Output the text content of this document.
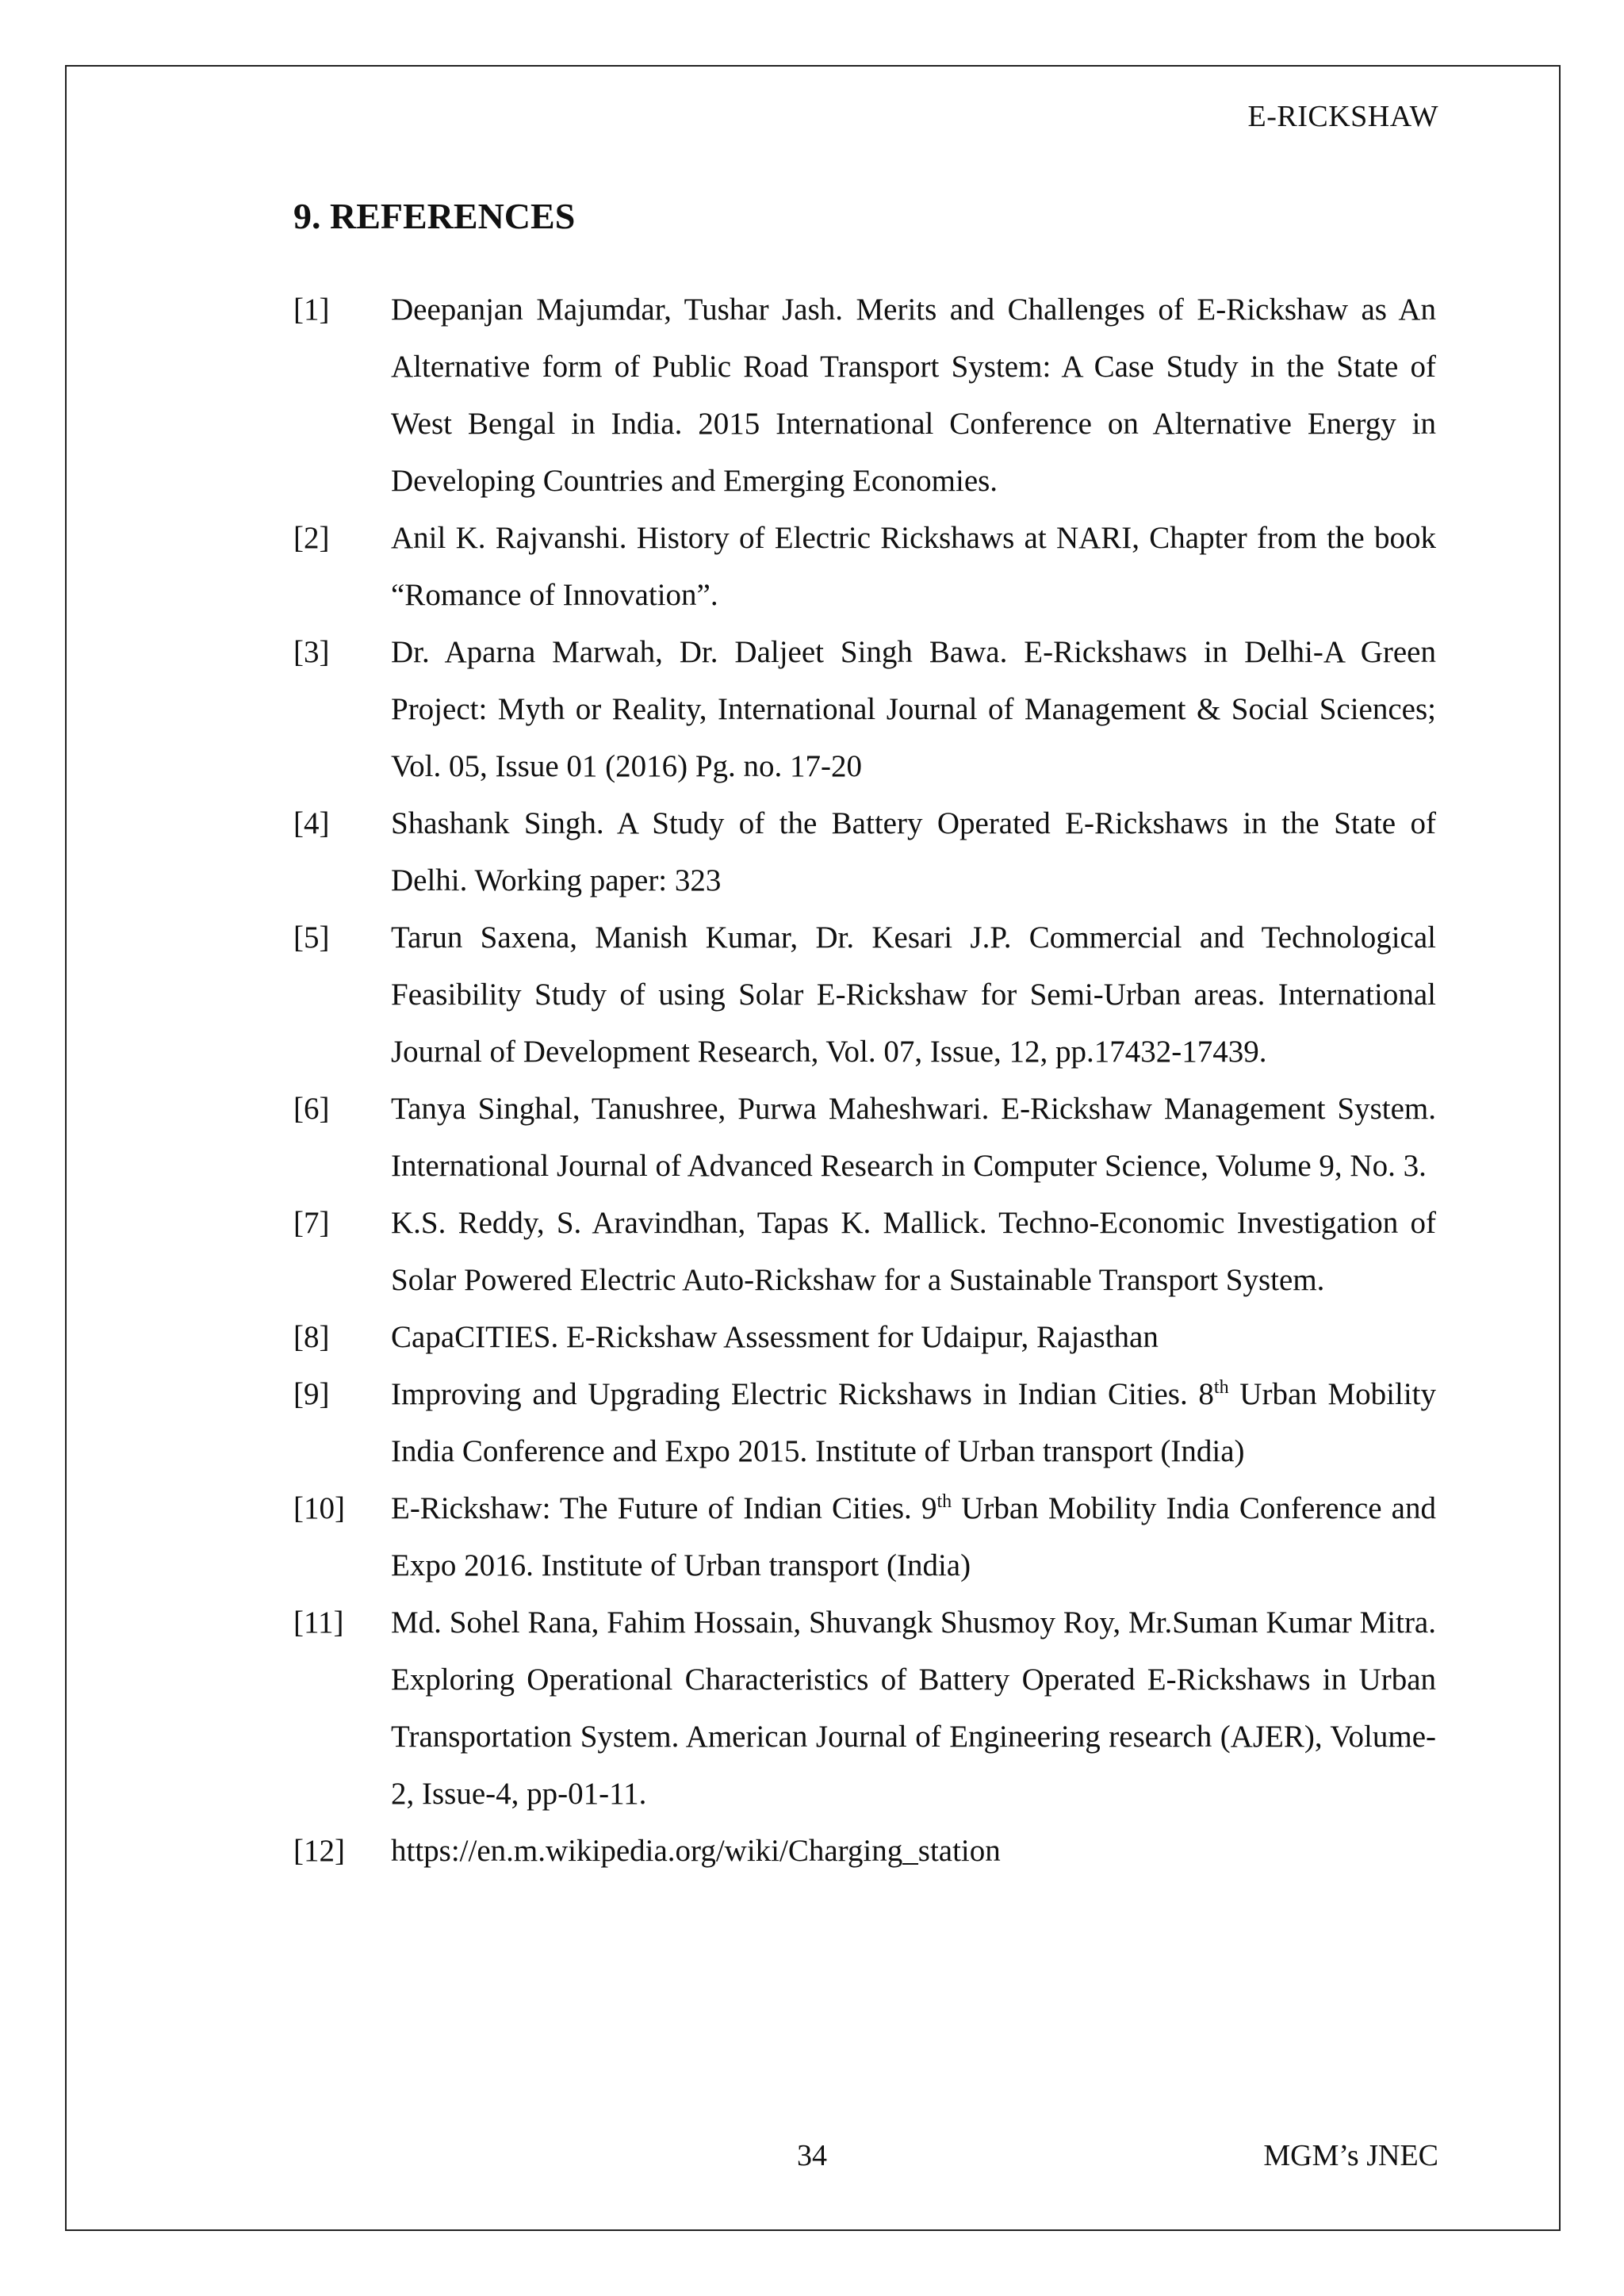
E-RICKSHAW
9. REFERENCES
[1]	Deepanjan Majumdar, Tushar Jash. Merits and Challenges of E-Rickshaw as An Alternative form of Public Road Transport System: A Case Study in the State of West Bengal in India. 2015 International Conference on Alternative Energy in Developing Countries and Emerging Economies.
[2]	Anil K. Rajvanshi. History of Electric Rickshaws at NARI, Chapter from the book “Romance of Innovation”.
[3]	Dr. Aparna Marwah, Dr. Daljeet Singh Bawa. E-Rickshaws in Delhi-A Green Project: Myth or Reality, International Journal of Management & Social Sciences; Vol. 05, Issue 01 (2016) Pg. no. 17-20
[4]	Shashank Singh. A Study of the Battery Operated E-Rickshaws in the State of Delhi. Working paper: 323
[5]	Tarun Saxena, Manish Kumar, Dr. Kesari J.P. Commercial and Technological Feasibility Study of using Solar E-Rickshaw for Semi-Urban areas. International Journal of Development Research, Vol. 07, Issue, 12, pp.17432-17439.
[6]	Tanya Singhal, Tanushree, Purwa Maheshwari. E-Rickshaw Management System. International Journal of Advanced Research in Computer Science, Volume 9, No. 3.
[7]	K.S. Reddy, S. Aravindhan, Tapas K. Mallick. Techno-Economic Investigation of Solar Powered Electric Auto-Rickshaw for a Sustainable Transport System.
[8]	CapaCITIES. E-Rickshaw Assessment for Udaipur, Rajasthan
[9]	Improving and Upgrading Electric Rickshaws in Indian Cities. 8th Urban Mobility India Conference and Expo 2015. Institute of Urban transport (India)
[10]	E-Rickshaw: The Future of Indian Cities. 9th Urban Mobility India Conference and Expo 2016. Institute of Urban transport (India)
[11]	Md. Sohel Rana, Fahim Hossain, Shuvangk Shusmoy Roy, Mr.Suman Kumar Mitra. Exploring Operational Characteristics of Battery Operated E-Rickshaws in Urban Transportation System. American Journal of Engineering research (AJER), Volume-2, Issue-4, pp-01-11.
[12]	https://en.m.wikipedia.org/wiki/Charging_station
34	MGM’s JNEC
